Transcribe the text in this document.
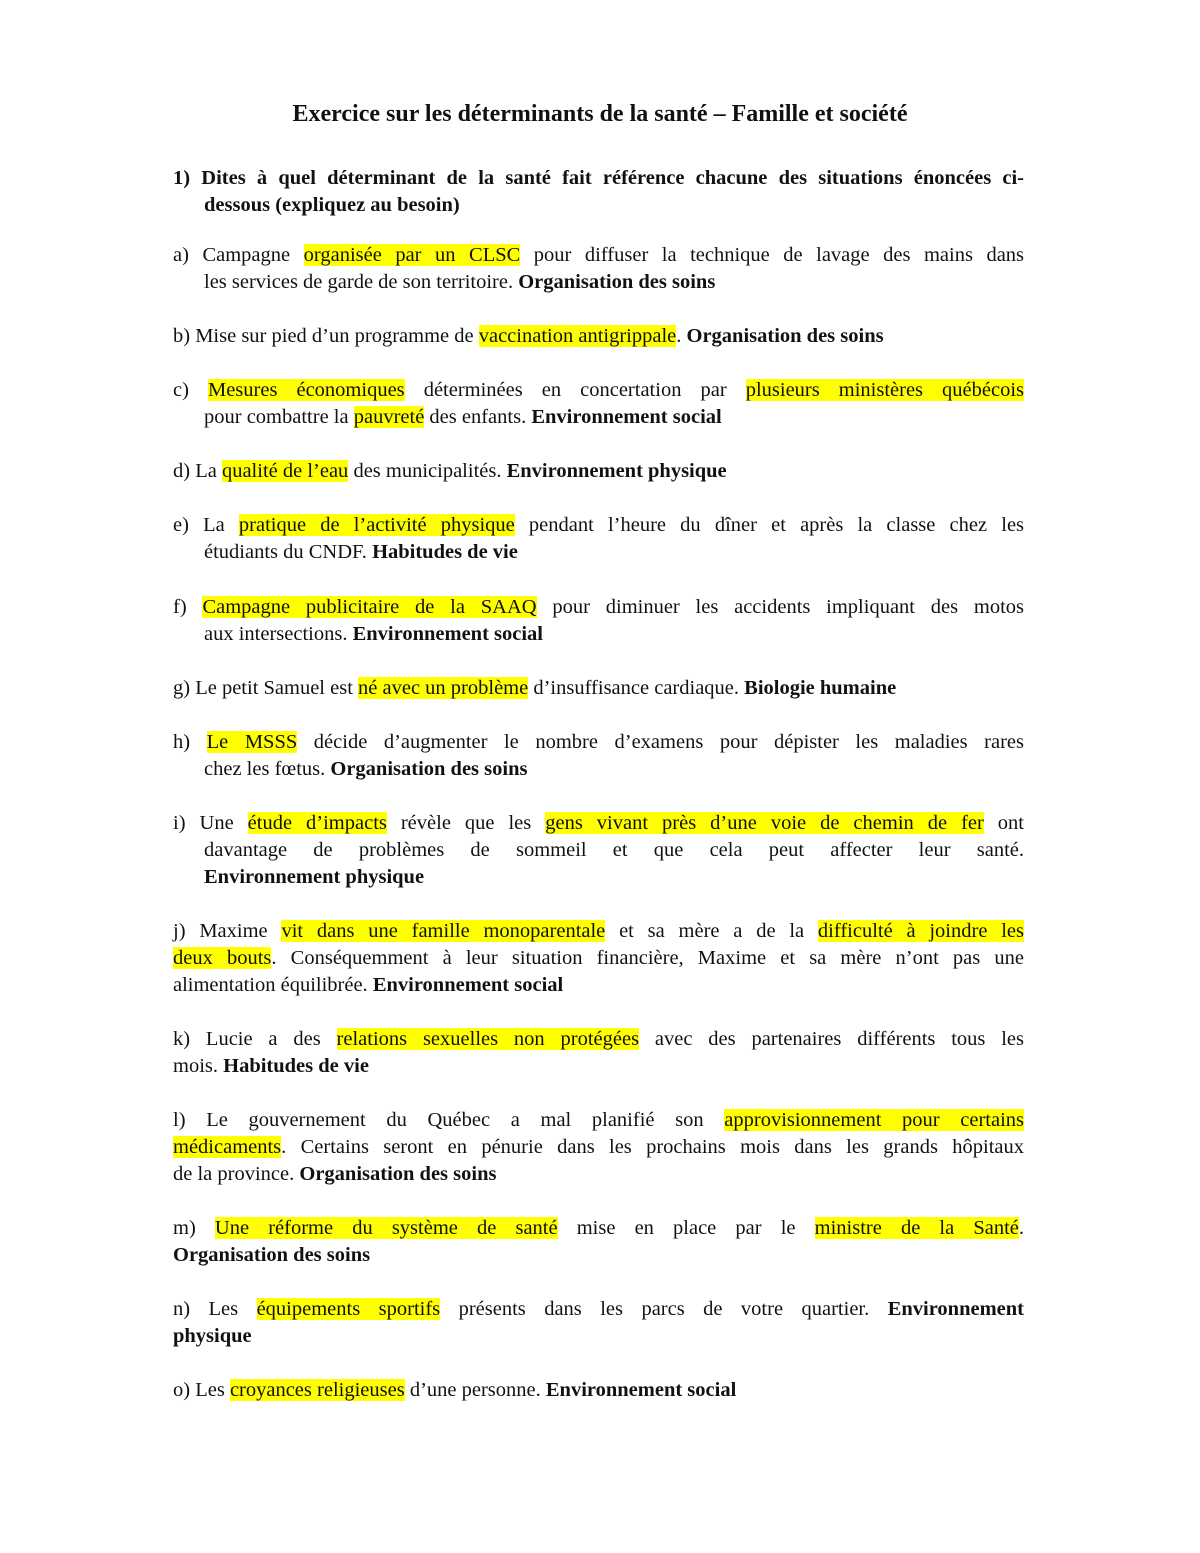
Exercice sur les déterminants de la santé – Famille et société
1) Dites à quel déterminant de la santé fait référence chacune des situations énoncées ci-
dessous (expliquez au besoin)
a) Campagne organisée par un CLSC pour diffuser la technique de lavage des mains dans
les services de garde de son territoire. Organisation des soins
b) Mise sur pied d’un programme de vaccination antigrippale. Organisation des soins
c) Mesures économiques déterminées en concertation par plusieurs ministères québécois
pour combattre la pauvreté des enfants. Environnement social
d) La qualité de l’eau des municipalités. Environnement physique
e) La pratique de l’activité physique pendant l’heure du dîner et après la classe chez les
étudiants du CNDF. Habitudes de vie
f) Campagne publicitaire de la SAAQ pour diminuer les accidents impliquant des motos
aux intersections. Environnement social
g) Le petit Samuel est né avec un problème d’insuffisance cardiaque. Biologie humaine
h) Le MSSS décide d’augmenter le nombre d’examens pour dépister les maladies rares
chez les fœtus. Organisation des soins
i) Une étude d’impacts révèle que les gens vivant près d’une voie de chemin de fer ont
davantage de problèmes de sommeil et que cela peut affecter leur santé.
Environnement physique
j) Maxime vit dans une famille monoparentale et sa mère a de la difficulté à joindre les
deux bouts. Conséquemment à leur situation financière, Maxime et sa mère n’ont pas une
alimentation équilibrée. Environnement social
k) Lucie a des relations sexuelles non protégées avec des partenaires différents tous les
mois. Habitudes de vie
l) Le gouvernement du Québec a mal planifié son approvisionnement pour certains
médicaments. Certains seront en pénurie dans les prochains mois dans les grands hôpitaux
de la province. Organisation des soins
m) Une réforme du système de santé mise en place par le ministre de la Santé.
Organisation des soins
n) Les équipements sportifs présents dans les parcs de votre quartier. Environnement
physique
o) Les croyances religieuses d’une personne. Environnement social
